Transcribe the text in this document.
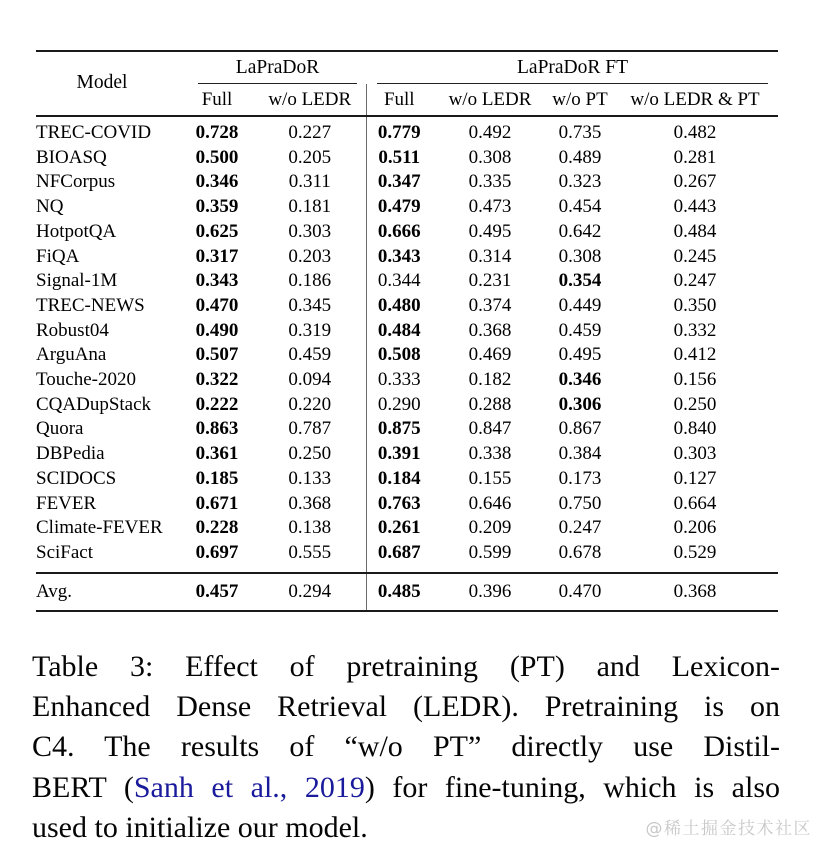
Model	LaPraDoR		LaPraDoR FT			

	Full	w/o LEDR	Full	w/o LEDR	w/o PT	w/o LEDR & PT
TREC-COVID	0.728	0.227	0.779	0.492	0.735	0.482
BIOASQ	0.500	0.205	0.511	0.308	0.489	0.281
NFCorpus	0.346	0.311	0.347	0.335	0.323	0.267
NQ	0.359	0.181	0.479	0.473	0.454	0.443
HotpotQA	0.625	0.303	0.666	0.495	0.642	0.484
FiQA	0.317	0.203	0.343	0.314	0.308	0.245
Signal-1M	0.343	0.186	0.344	0.231	0.354	0.247
TREC-NEWS	0.470	0.345	0.480	0.374	0.449	0.350
Robust04	0.490	0.319	0.484	0.368	0.459	0.332
ArguAna	0.507	0.459	0.508	0.469	0.495	0.412
Touche-2020	0.322	0.094	0.333	0.182	0.346	0.156
CQADupStack	0.222	0.220	0.290	0.288	0.306	0.250
Quora	0.863	0.787	0.875	0.847	0.867	0.840
DBPedia	0.361	0.250	0.391	0.338	0.384	0.303
SCIDOCS	0.185	0.133	0.184	0.155	0.173	0.127
FEVER	0.671	0.368	0.763	0.646	0.750	0.664
Climate-FEVER	0.228	0.138	0.261	0.209	0.247	0.206
SciFact	0.697	0.555	0.687	0.599	0.678	0.529
Avg.	0.457	0.294	0.485	0.396	0.470	0.368
Table 3: Effect of pretraining (PT) and Lexicon-
Enhanced Dense Retrieval (LEDR). Pretraining is on
C4. The results of “w/o PT” directly use Distil-
BERT (Sanh et al., 2019) for fine-tuning, which is also
used to initialize our model.	@稀土掘金技术社区
